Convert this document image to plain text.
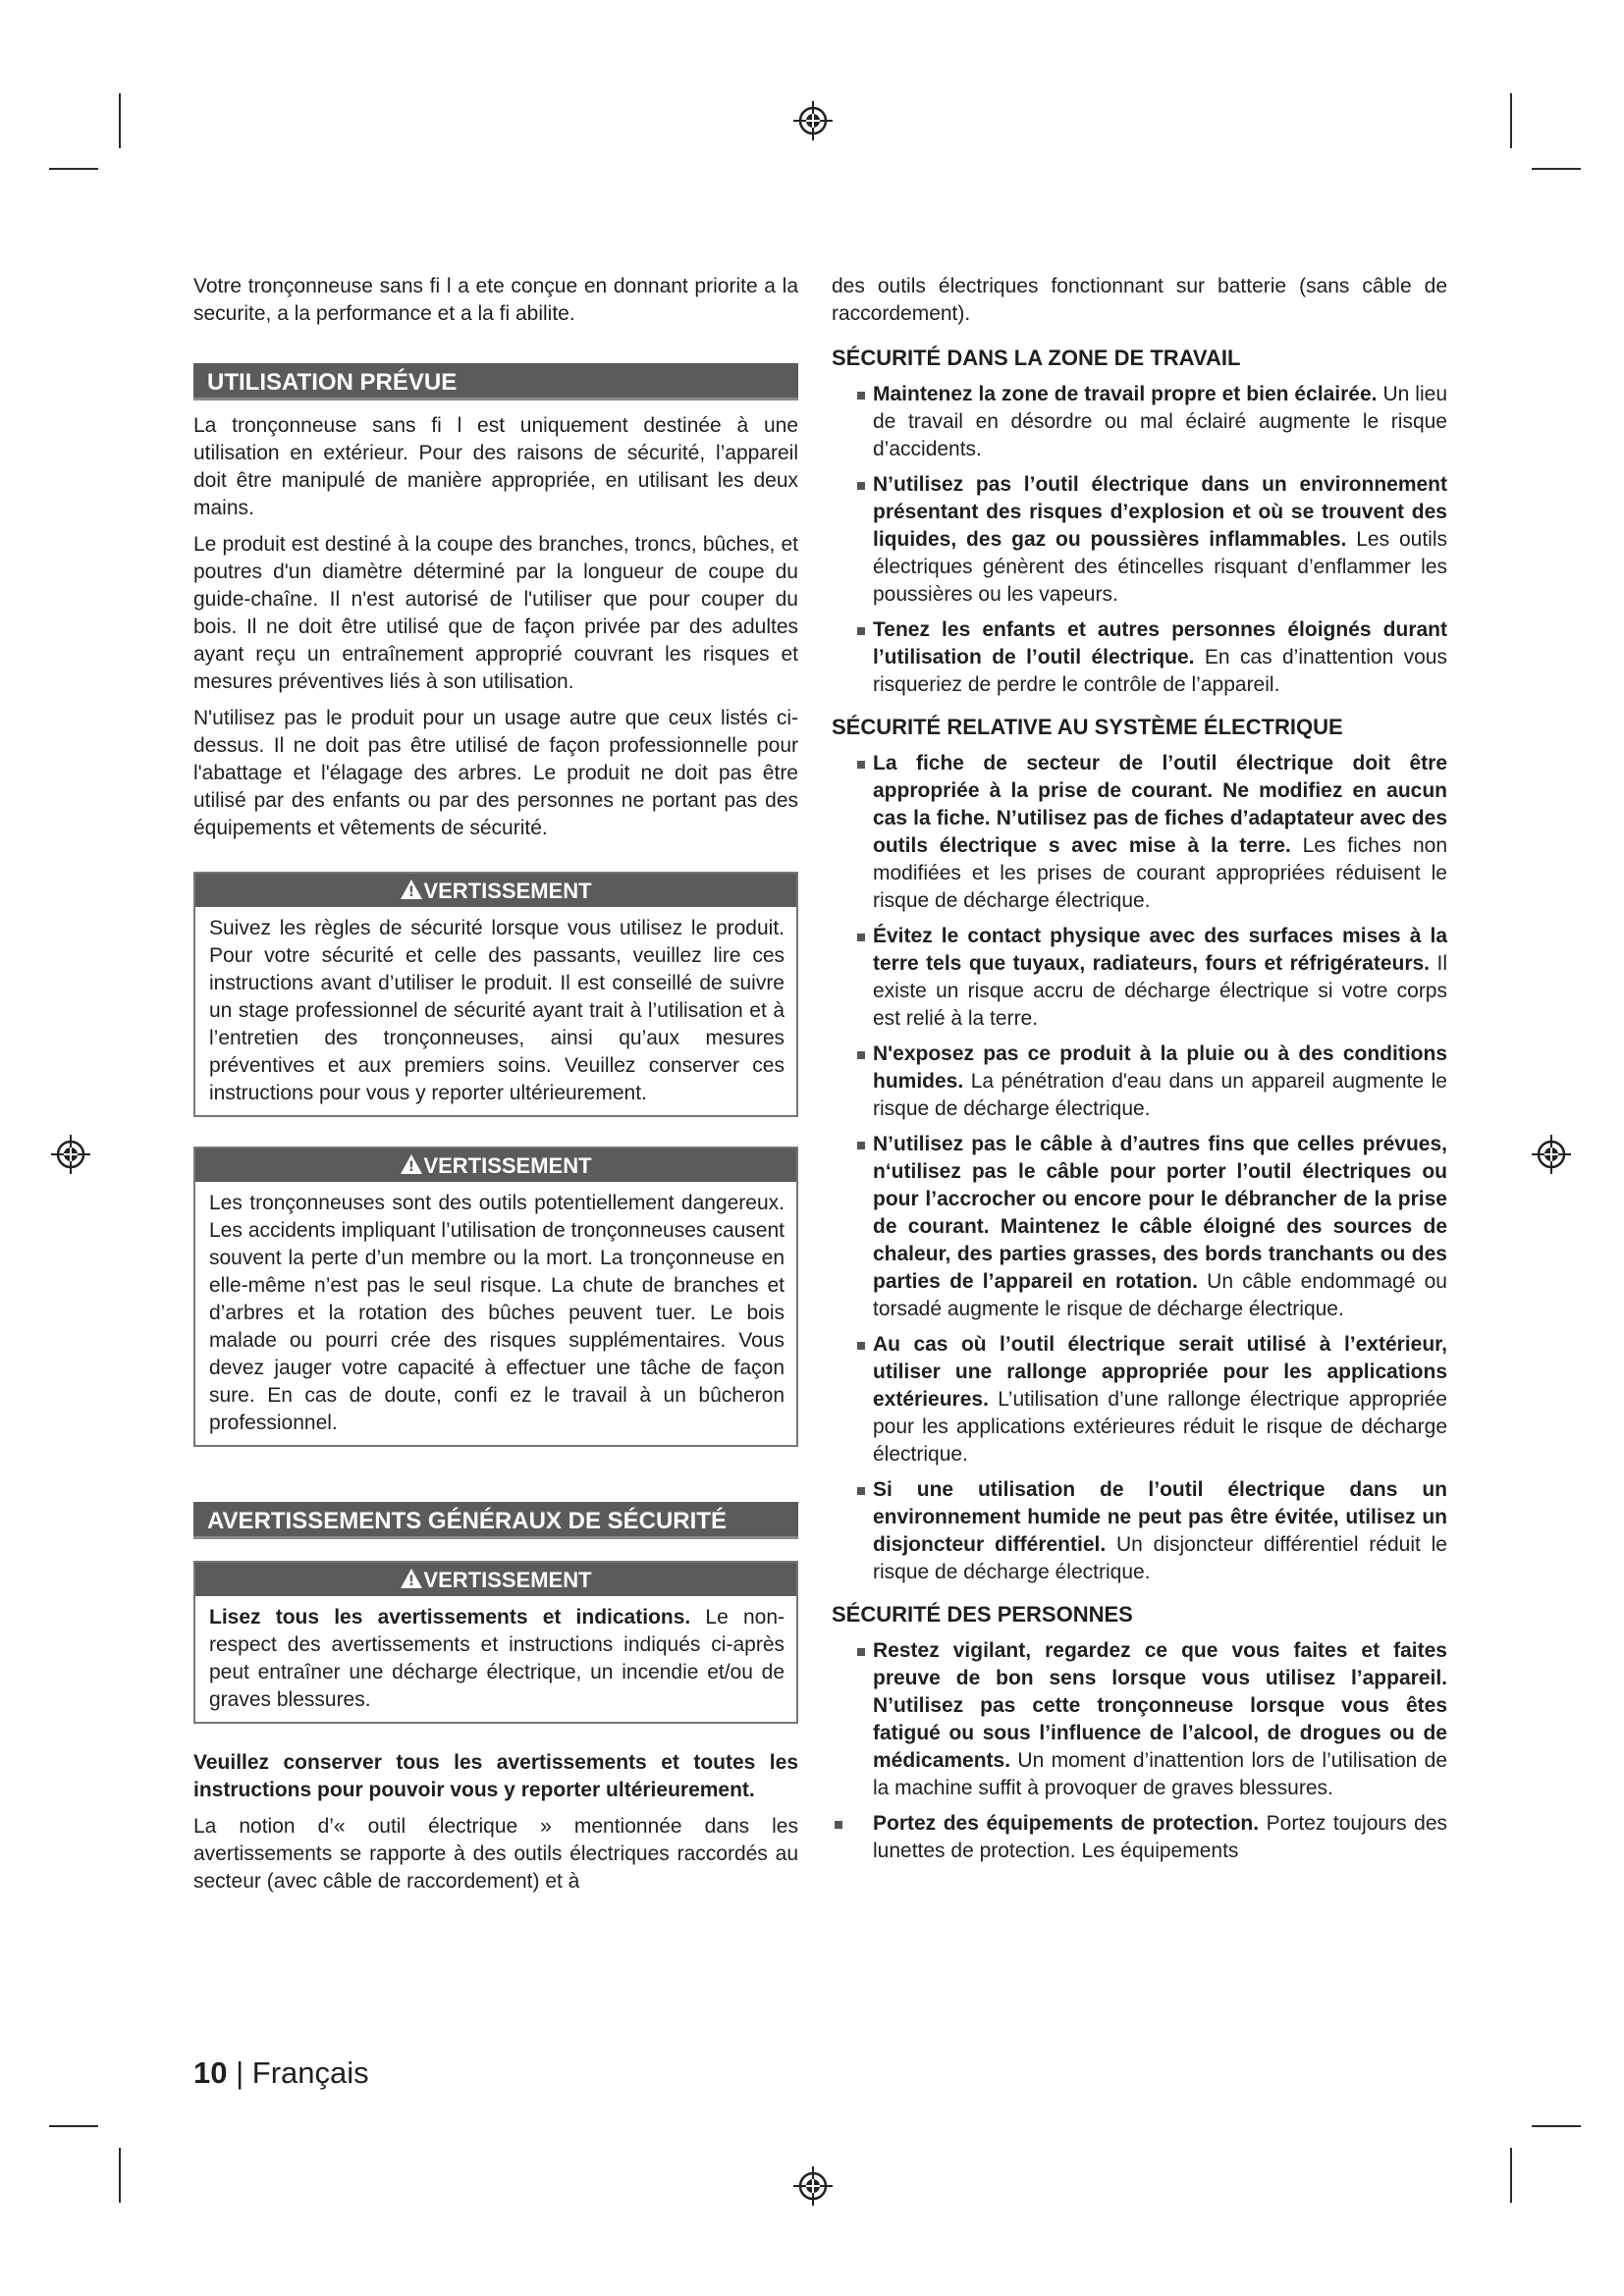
Votre tronçonneuse sans fi l a ete conçue en donnant priorite a la securite, a la performance et a la fi abilite.

UTILISATION PRÉVUE

La tronçonneuse sans fi l est uniquement destinée à une utilisation en extérieur. Pour des raisons de sécurité, l’appareil doit être manipulé de manière appropriée, en utilisant les deux mains.

Le produit est destiné à la coupe des branches, troncs, bûches, et poutres d'un diamètre déterminé par la longueur de coupe du guide-chaîne. Il n'est autorisé de l'utiliser que pour couper du bois. Il ne doit être utilisé que de façon privée par des adultes ayant reçu un entraînement approprié couvrant les risques et mesures préventives liés à son utilisation.

N'utilisez pas le produit pour un usage autre que ceux listés ci-dessus. Il ne doit pas être utilisé de façon professionnelle pour l'abattage et l'élagage des arbres. Le produit ne doit pas être utilisé par des enfants ou par des personnes ne portant pas des équipements et vêtements de sécurité.

! VERTISSEMENT

Suivez les règles de sécurité lorsque vous utilisez le produit. Pour votre sécurité et celle des passants, veuillez lire ces instructions avant d’utiliser le produit. Il est conseillé de suivre un stage professionnel de sécurité ayant trait à l’utilisation et à l’entretien des tronçonneuses, ainsi qu’aux mesures préventives et aux premiers soins. Veuillez conserver ces instructions pour vous y reporter ultérieurement.

! VERTISSEMENT

Les tronçonneuses sont des outils potentiellement dangereux. Les accidents impliquant l’utilisation de tronçonneuses causent souvent la perte d’un membre ou la mort. La tronçonneuse en elle-même n’est pas le seul risque. La chute de branches et d’arbres et la rotation des bûches peuvent tuer. Le bois malade ou pourri crée des risques supplémentaires. Vous devez jauger votre capacité à effectuer une tâche de façon sure. En cas de doute, confi ez le travail à un bûcheron professionnel.

AVERTISSEMENTS GÉNÉRAUX DE SÉCURITÉ
! VERTISSEMENT

Lisez tous les avertissements et indications. Le non-respect des avertissements et instructions indiqués ci-après peut entraîner une décharge électrique, un incendie et/ou de graves blessures.

Veuillez conserver tous les avertissements et toutes les instructions pour pouvoir vous y reporter ultérieurement.

La notion d’« outil électrique » mentionnée dans les avertissements se rapporte à des outils électriques raccordés au secteur (avec câble de raccordement) et à

des outils électriques fonctionnant sur batterie (sans câble de raccordement).

SÉCURITÉ DANS LA ZONE DE TRAVAIL
Maintenez la zone de travail propre et bien éclairée. Un lieu de travail en désordre ou mal éclairé augmente le risque d’accidents.
N’utilisez pas l’outil électrique dans un environnement présentant des risques d’explosion et où se trouvent des liquides, des gaz ou poussières inflammables. Les outils électriques génèrent des étincelles risquant d’enflammer les poussières ou les vapeurs.
Tenez les enfants et autres personnes éloignés durant l’utilisation de l’outil électrique. En cas d’inattention vous risqueriez de perdre le contrôle de l’appareil.
SÉCURITÉ RELATIVE AU SYSTÈME ÉLECTRIQUE
La fiche de secteur de l’outil électrique doit être appropriée à la prise de courant. Ne modifiez en aucun cas la fiche. N’utilisez pas de fiches d’adaptateur avec des outils électrique s avec mise à la terre. Les fiches non modifiées et les prises de courant appropriées réduisent le risque de décharge électrique.
Évitez le contact physique avec des surfaces mises à la terre tels que tuyaux, radiateurs, fours et réfrigérateurs. Il existe un risque accru de décharge électrique si votre corps est relié à la terre.
N'exposez pas ce produit à la pluie ou à des conditions humides. La pénétration d'eau dans un appareil augmente le risque de décharge électrique.
N’utilisez pas le câble à d’autres fins que celles prévues, n‘utilisez pas le câble pour porter l’outil électriques ou pour l’accrocher ou encore pour le débrancher de la prise de courant. Maintenez le câble éloigné des sources de chaleur, des parties grasses, des bords tranchants ou des parties de l’appareil en rotation. Un câble endommagé ou torsadé augmente le risque de décharge électrique.
Au cas où l’outil électrique serait utilisé à l’extérieur, utiliser une rallonge appropriée pour les applications extérieures. L’utilisation d’une rallonge électrique appropriée pour les applications extérieures réduit le risque de décharge électrique.
Si une utilisation de l’outil électrique dans un environnement humide ne peut pas être évitée, utilisez un disjoncteur différentiel. Un disjoncteur différentiel réduit le risque de décharge électrique.
SÉCURITÉ DES PERSONNES
Restez vigilant, regardez ce que vous faites et faites preuve de bon sens lorsque vous utilisez l’appareil. N’utilisez pas cette tronçonneuse lorsque vous êtes fatigué ou sous l’influence de l’alcool, de drogues ou de médicaments. Un moment d’inattention lors de l’utilisation de la machine suffit à provoquer de graves blessures.
Portez des équipements de protection. Portez toujours des lunettes de protection. Les équipements
10 | Français
